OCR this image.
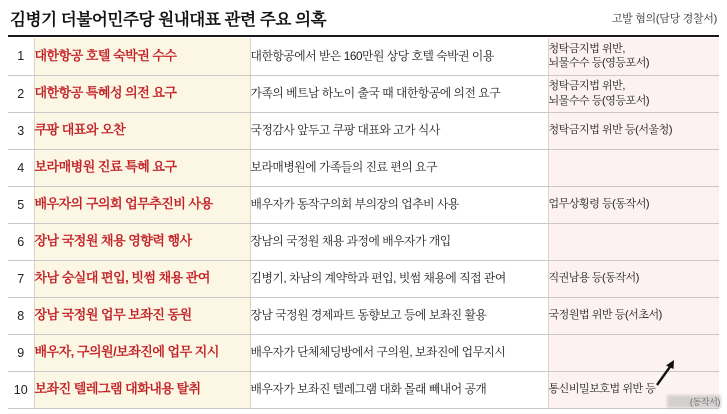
김병기 더불어민주당 원내대표 관련 주요 의혹	고발 혐의(담당 경찰서)
1	대한항공 호텔 숙박권 수수	대한항공에서 받은 160만원 상당 호텔 숙박권 이용	청탁금지법 위반,
뇌물수수 등(영등포서)

2	대한항공 특혜성 의전 요구	가족의 베트남 하노이 출국 때 대한항공에 의전 요구	청탁금지법 위반,
뇌물수수 등(영등포서)

3	쿠팡 대표와 오찬	국정감사 앞두고 쿠팡 대표와 고가 식사	청탁금지법 위반 등(서울청)

4	보라매병원 진료 특혜 요구	보라매병원에 가족들의 진료 편의 요구	

5	배우자의 구의회 업무추진비 사용	배우자가 동작구의회 부의장의 업추비 사용	업무상횡령 등(동작서)

6	장남 국정원 채용 영향력 행사	장남의 국정원 채용 과정에 배우자가 개입	

7	차남 숭실대 편입, 빗썸 채용 관여	김병기, 차남의 계약학과 편입, 빗썸 채용에 직접 관여	직권남용 등(동작서)

8	장남 국정원 업무 보좌진 동원	장남 국정원 경제파트 동향보고 등에 보좌진 활용	국정원법 위반 등(서초서)

9	배우자, 구의원/보좌진에 업무 지시	배우자가 단체체딩방에서 구의원, 보좌진에 업무지시	

10	보좌진 텔레그램 대화내용 탈취	배우자가 보좌진 텔레그램 대화 몰래 빼내어 공개	통신비밀보호법 위반 등
(동작서)
